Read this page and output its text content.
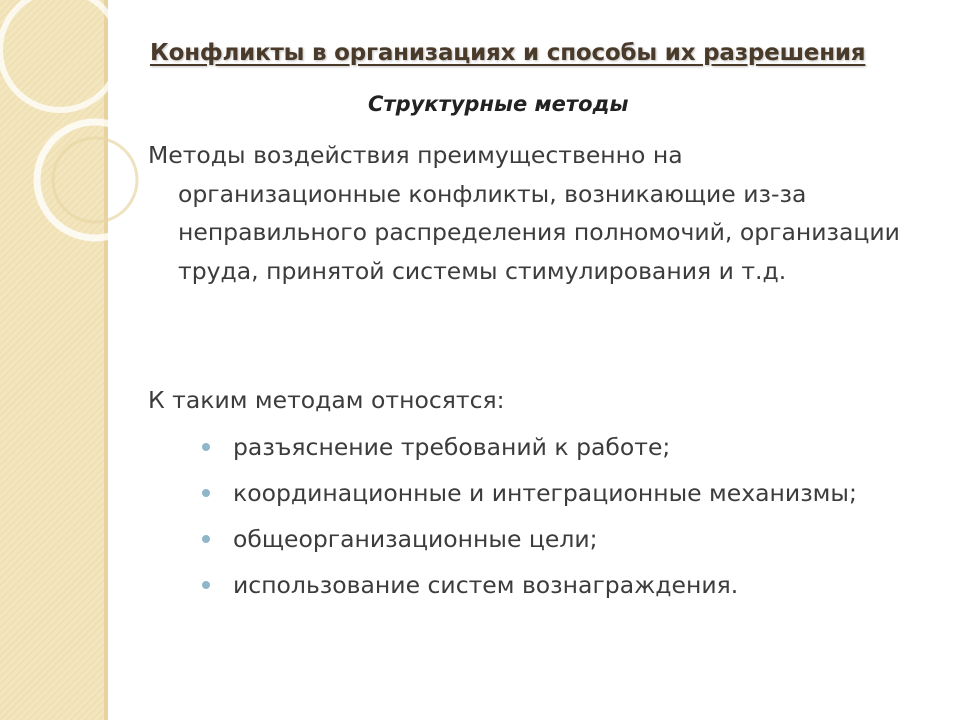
Конфликты в организациях и способы их разрешения
Структурные методы
Методы воздействия преимущественно на
организационные конфликты, возникающие из-за неправильного распределения полномочий, организации труда, принятой системы стимулирования и т.д.
К таким методам относятся:
разъяснение требований к работе;
координационные и интеграционные механизмы;
общеорганизационные цели;
использование систем вознаграждения.
